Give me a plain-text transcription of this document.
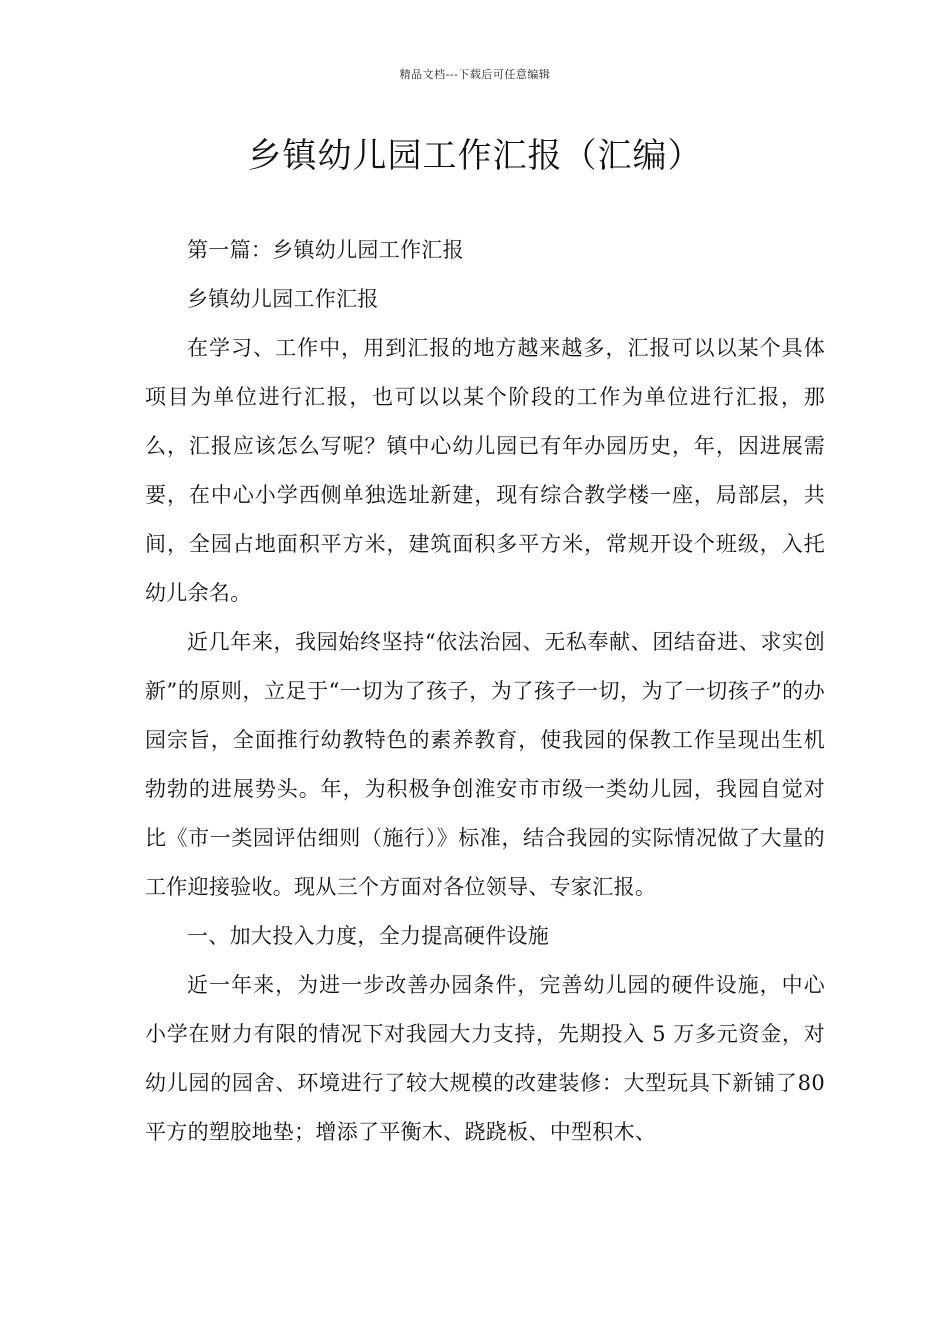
精品文档---下载后可任意编辑
乡镇幼儿园工作汇报（汇编）

第一篇：乡镇幼儿园工作汇报

乡镇幼儿园工作汇报

在学习、工作中，用到汇报的地方越来越多，汇报可以以某个具体项目为单位进行汇报，也可以以某个阶段的工作为单位进行汇报，那么，汇报应该怎么写呢？镇中心幼儿园已有年办园历史，年，因进展需要，在中心小学西侧单独选址新建，现有综合教学楼一座，局部层，共间，全园占地面积平方米，建筑面积多平方米，常规开设个班级，入托幼儿余名。

近几年来，我园始终坚持“依法治园、无私奉献、团结奋进、求实创新”的原则，立足于“一切为了孩子，为了孩子一切，为了一切孩子”的办园宗旨，全面推行幼教特色的素养教育，使我园的保教工作呈现出生机勃勃的进展势头。年，为积极争创淮安市市级一类幼儿园，我园自觉对比《市一类园评估细则（施行）》标准，结合我园的实际情况做了大量的工作迎接验收。现从三个方面对各位领导、专家汇报。

一、加大投入力度，全力提高硬件设施

近一年来，为进一步改善办园条件，完善幼儿园的硬件设施，中心小学在财力有限的情况下对我园大力支持，先期投入 5 万多元资金，对幼儿园的园舍、环境进行了较大规模的改建装修：大型玩具下新铺了80平方的塑胶地垫；增添了平衡木、跷跷板、中型积木、
